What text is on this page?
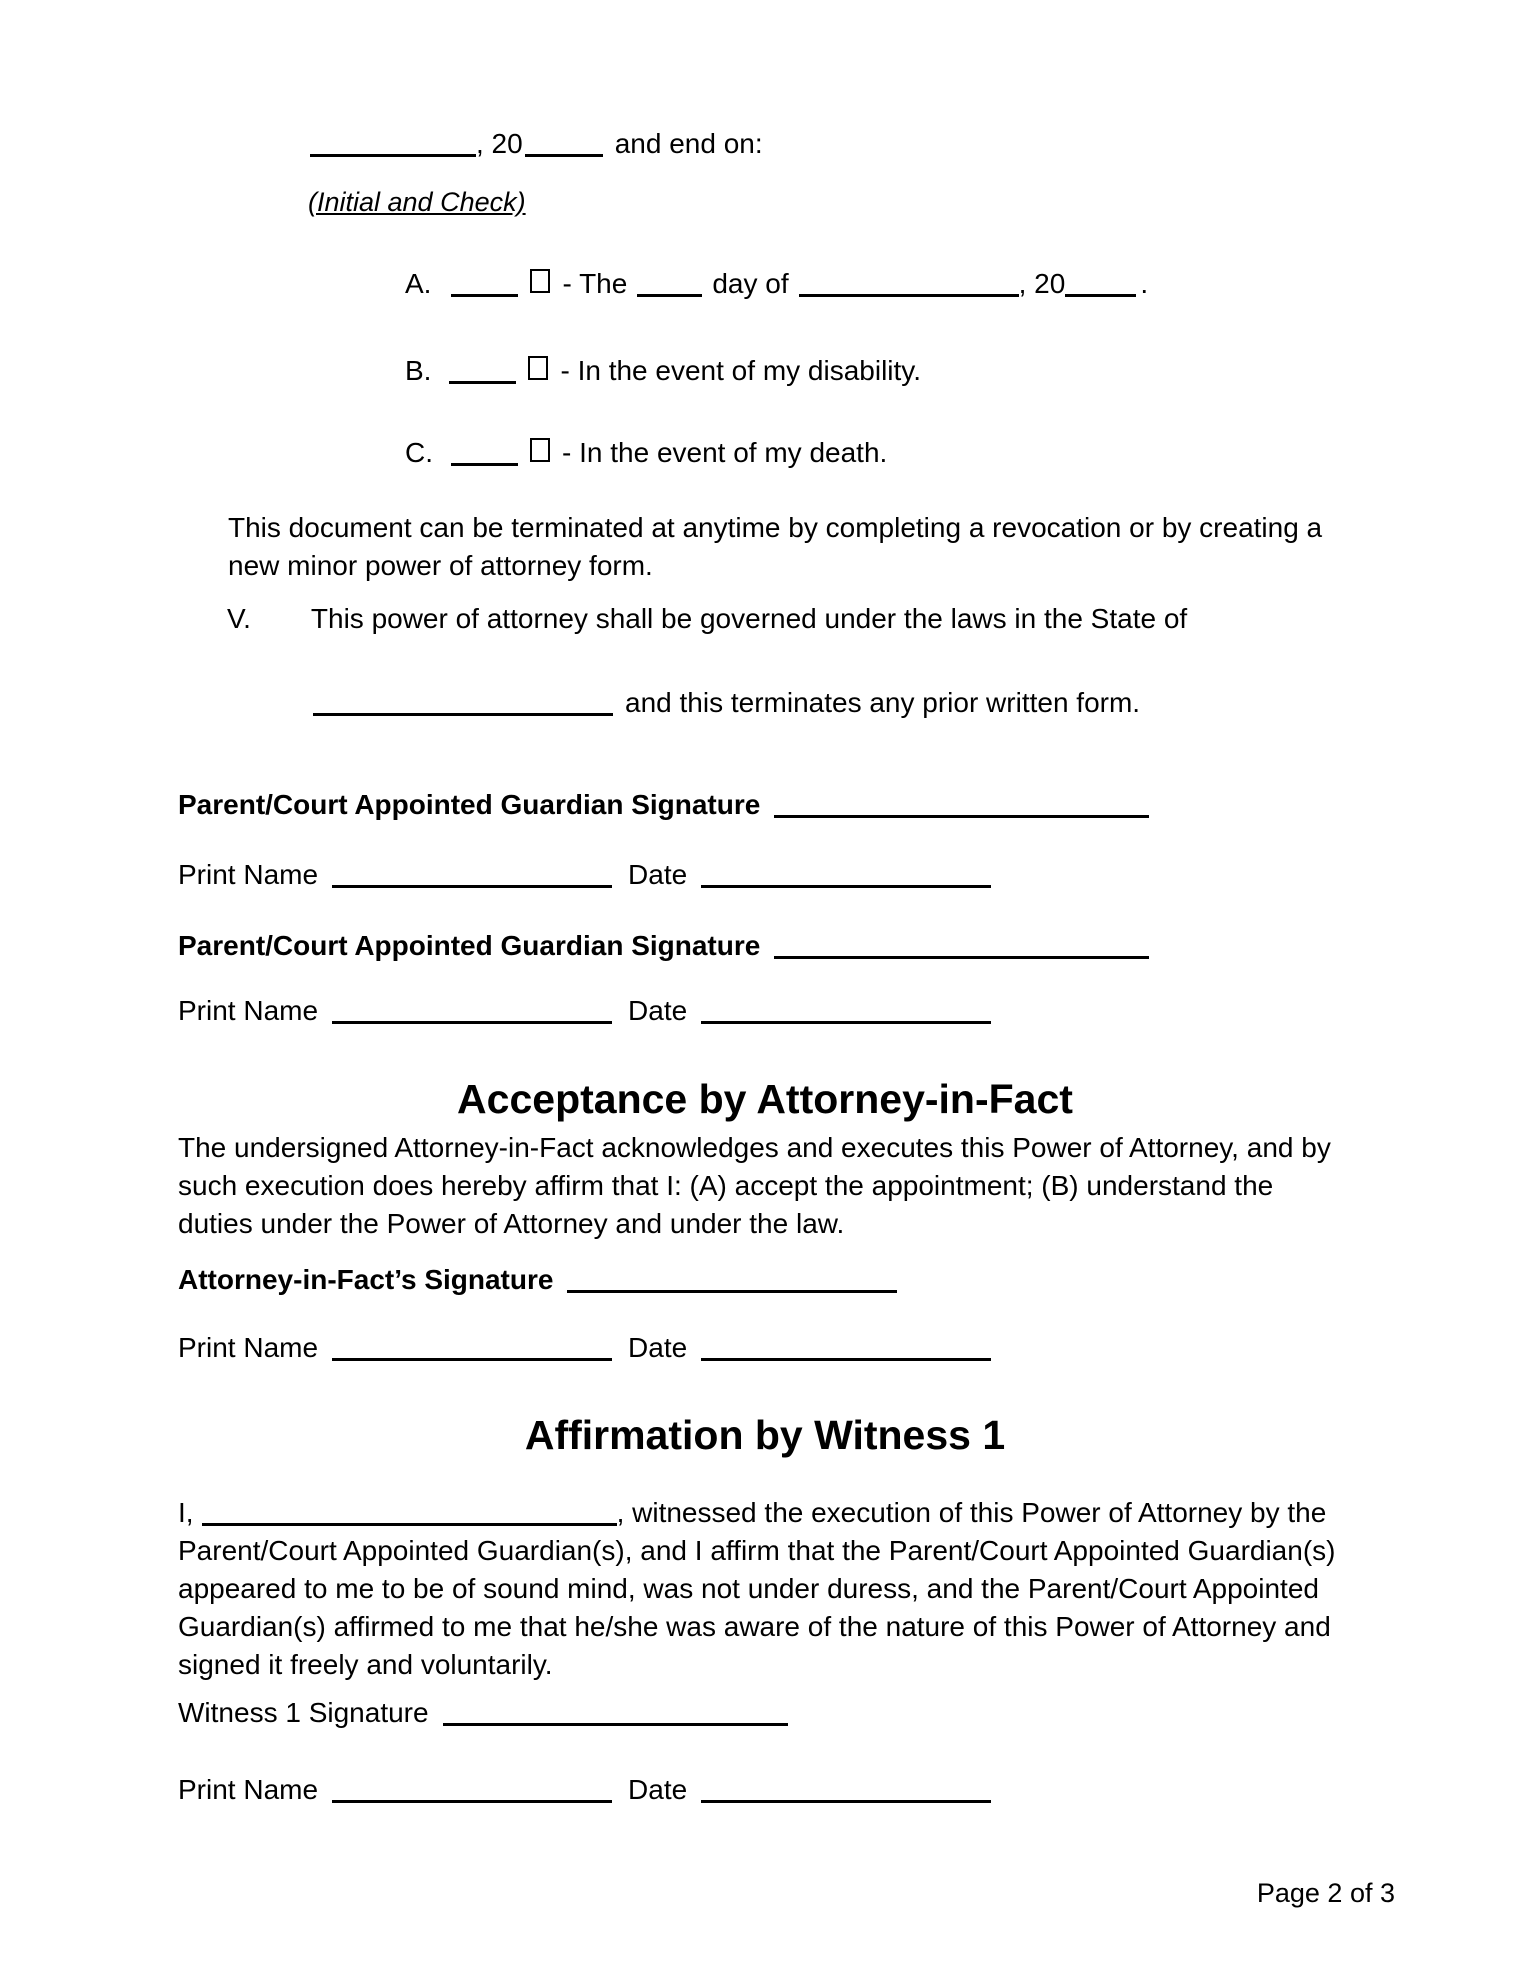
, 20	and end on:
(Initial and Check)
A.	- The	day of	, 20	.
B.	- In the event of my disability.
C.	- In the event of my death.
This document can be terminated at anytime by completing a revocation or by creating a new minor power of attorney form.
V. This power of attorney shall be governed under the laws in the State of
and this terminates any prior written form.
Parent/Court Appointed Guardian Signature
Print Name	Date
Parent/Court Appointed Guardian Signature
Print Name	Date
Acceptance by Attorney-in-Fact
The undersigned Attorney-in-Fact acknowledges and executes this Power of Attorney, and by such execution does hereby affirm that I: (A) accept the appointment; (B) understand the duties under the Power of Attorney and under the law.
Attorney-in-Fact’s Signature
Print Name	Date
Affirmation by Witness 1
I,	, witnessed the execution of this Power of Attorney by the Parent/Court Appointed Guardian(s), and I affirm that the Parent/Court Appointed Guardian(s) appeared to me to be of sound mind, was not under duress, and the Parent/Court Appointed Guardian(s) affirmed to me that he/she was aware of the nature of this Power of Attorney and signed it freely and voluntarily.
Witness 1 Signature
Print Name	Date
Page 2 of 3
